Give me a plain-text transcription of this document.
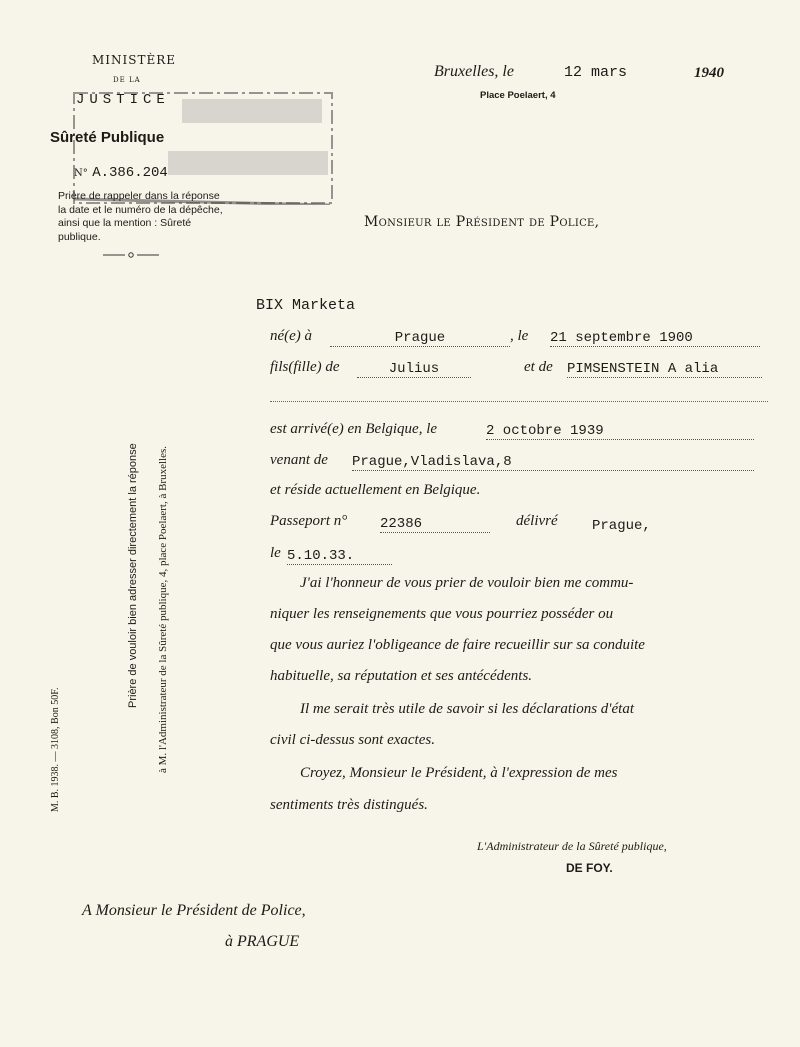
MINISTÈRE
DE LA
JUSTICE
Sûreté Publique
N° A.386.204
Prière de rappeler dans la réponse la date et le numéro de la dépêche, ainsi que la mention : Sûreté publique.
Bruxelles, le	12 mars	1940
Place Poelaert, 4
Monsieur le Président de Police,
BIX Marketa
né(e) à	Prague	, le 21 septembre 1900
fils(fille) de	Julius	et de PIMSENSTEIN A alia
est arrivé(e) en Belgique, le	2 octobre 1939
venant de Prague,Vladislava,8
et réside actuellement en Belgique.
Passeport n° 22386	délivré Prague,
le 5.10.33.
J'ai l'honneur de vous prier de vouloir bien me commu-
niquer les renseignements que vous pourriez posséder ou
que vous auriez l'obligeance de faire recueillir sur sa conduite
habituelle, sa réputation et ses antécédents.
Il me serait très utile de savoir si les déclarations d'état
civil ci-dessus sont exactes.
Croyez, Monsieur le Président, à l'expression de mes
sentiments très distingués.
L'Administrateur de la Sûreté publique,
DE FOY.
A Monsieur le Président de Police,
à PRAGUE
M. B. 1938. — 3108, Bon 50F.
Prière de vouloir bien adresser directement la réponse à M. l'Administrateur de la Sûreté publique, 4, place Poelaert, à Bruxelles.
